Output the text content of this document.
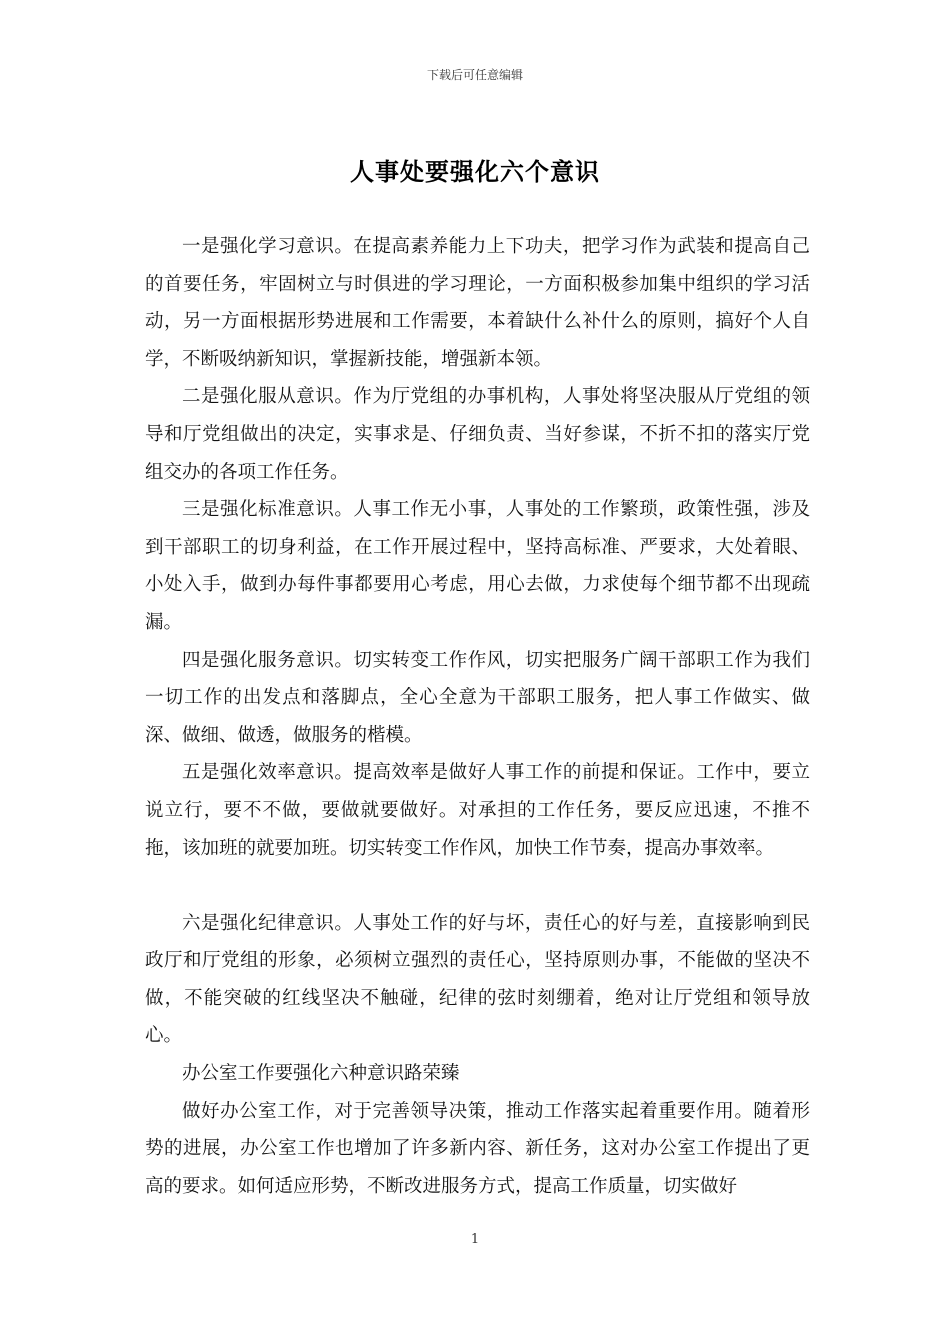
下载后可任意编辑
人事处要强化六个意识

一是强化学习意识。在提高素养能力上下功夫，把学习作为武装和提高自己的首要任务，牢固树立与时俱进的学习理论，一方面积极参加集中组织的学习活动，另一方面根据形势进展和工作需要，本着缺什么补什么的原则，搞好个人自学，不断吸纳新知识，掌握新技能，增强新本领。

二是强化服从意识。作为厅党组的办事机构，人事处将坚决服从厅党组的领导和厅党组做出的决定，实事求是、仔细负责、当好参谋，不折不扣的落实厅党组交办的各项工作任务。

三是强化标准意识。人事工作无小事，人事处的工作繁琐，政策性强，涉及到干部职工的切身利益，在工作开展过程中，坚持高标准、严要求，大处着眼、小处入手，做到办每件事都要用心考虑，用心去做，力求使每个细节都不出现疏漏。

四是强化服务意识。切实转变工作作风，切实把服务广阔干部职工作为我们一切工作的出发点和落脚点，全心全意为干部职工服务，把人事工作做实、做深、做细、做透，做服务的楷模。

五是强化效率意识。提高效率是做好人事工作的前提和保证。工作中，要立说立行，要不不做，要做就要做好。对承担的工作任务，要反应迅速，不推不拖，该加班的就要加班。切实转变工作作风，加快工作节奏，提高办事效率。

六是强化纪律意识。人事处工作的好与坏，责任心的好与差，直接影响到民政厅和厅党组的形象，必须树立强烈的责任心，坚持原则办事，不能做的坚决不做，不能突破的红线坚决不触碰，纪律的弦时刻绷着，绝对让厅党组和领导放心。

办公室工作要强化六种意识路荣臻

做好办公室工作，对于完善领导决策，推动工作落实起着重要作用。随着形势的进展，办公室工作也增加了许多新内容、新任务，这对办公室工作提出了更高的要求。如何适应形势，不断改进服务方式，提高工作质量，切实做好

1
